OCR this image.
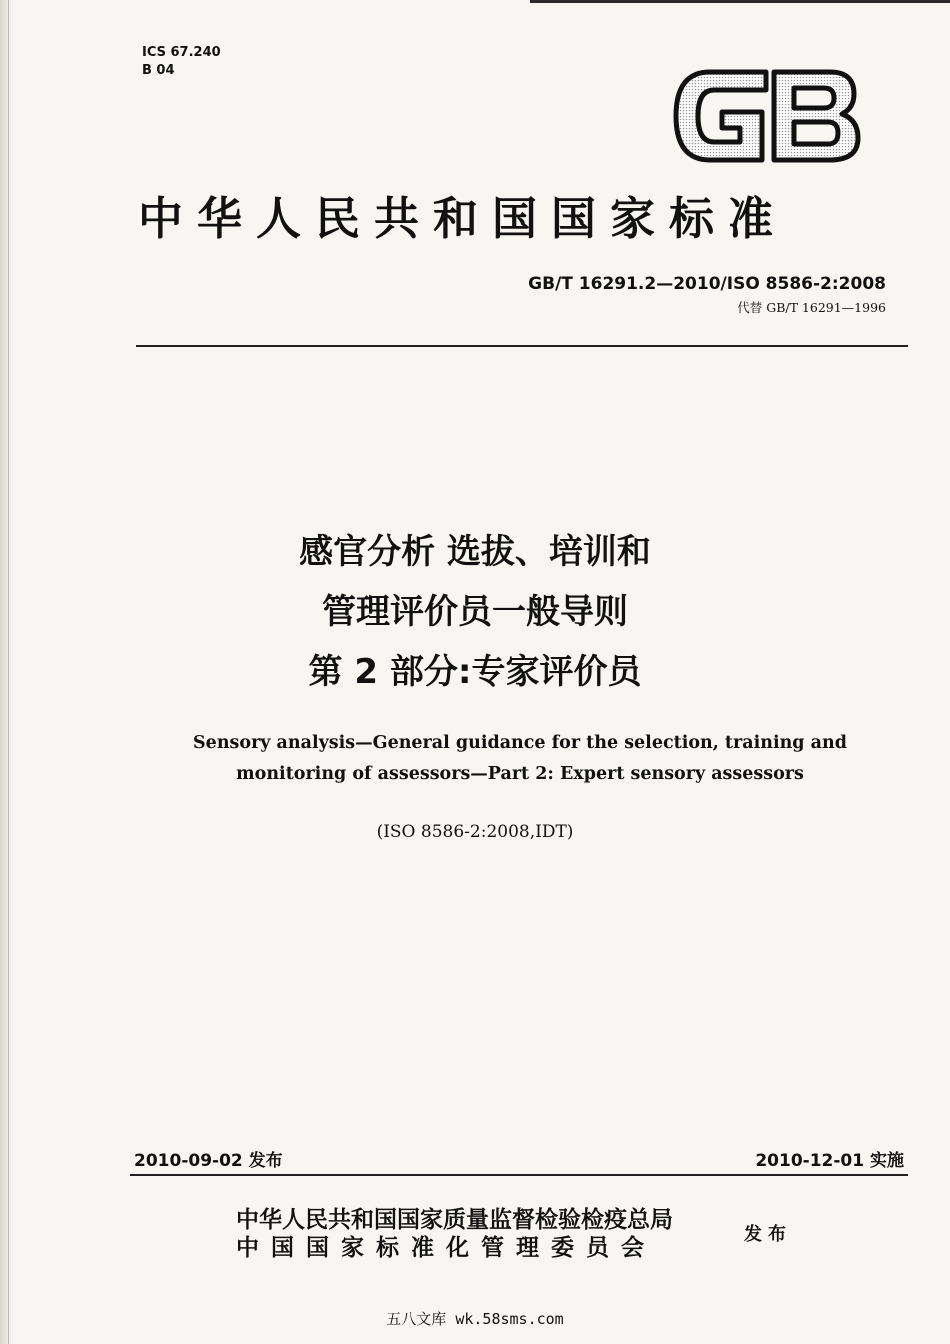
ICS 67.240
B 04
中华人民共和国国家标准
GB/T 16291.2—2010/ISO 8586-2:2008
代替 GB/T 16291—1996
感官分析 选拔、培训和
管理评价员一般导则
第 2 部分:专家评价员
Sensory analysis—General guidance for the selection, training and
monitoring of assessors—Part 2: Expert sensory assessors
(ISO 8586-2:2008,IDT)
2010-09-02 发布	2010-12-01 实施
中华人民共和国国家质量监督检验检疫总局
中国国家标准化管理委员会	发布
五八文库 wk.58sms.com
